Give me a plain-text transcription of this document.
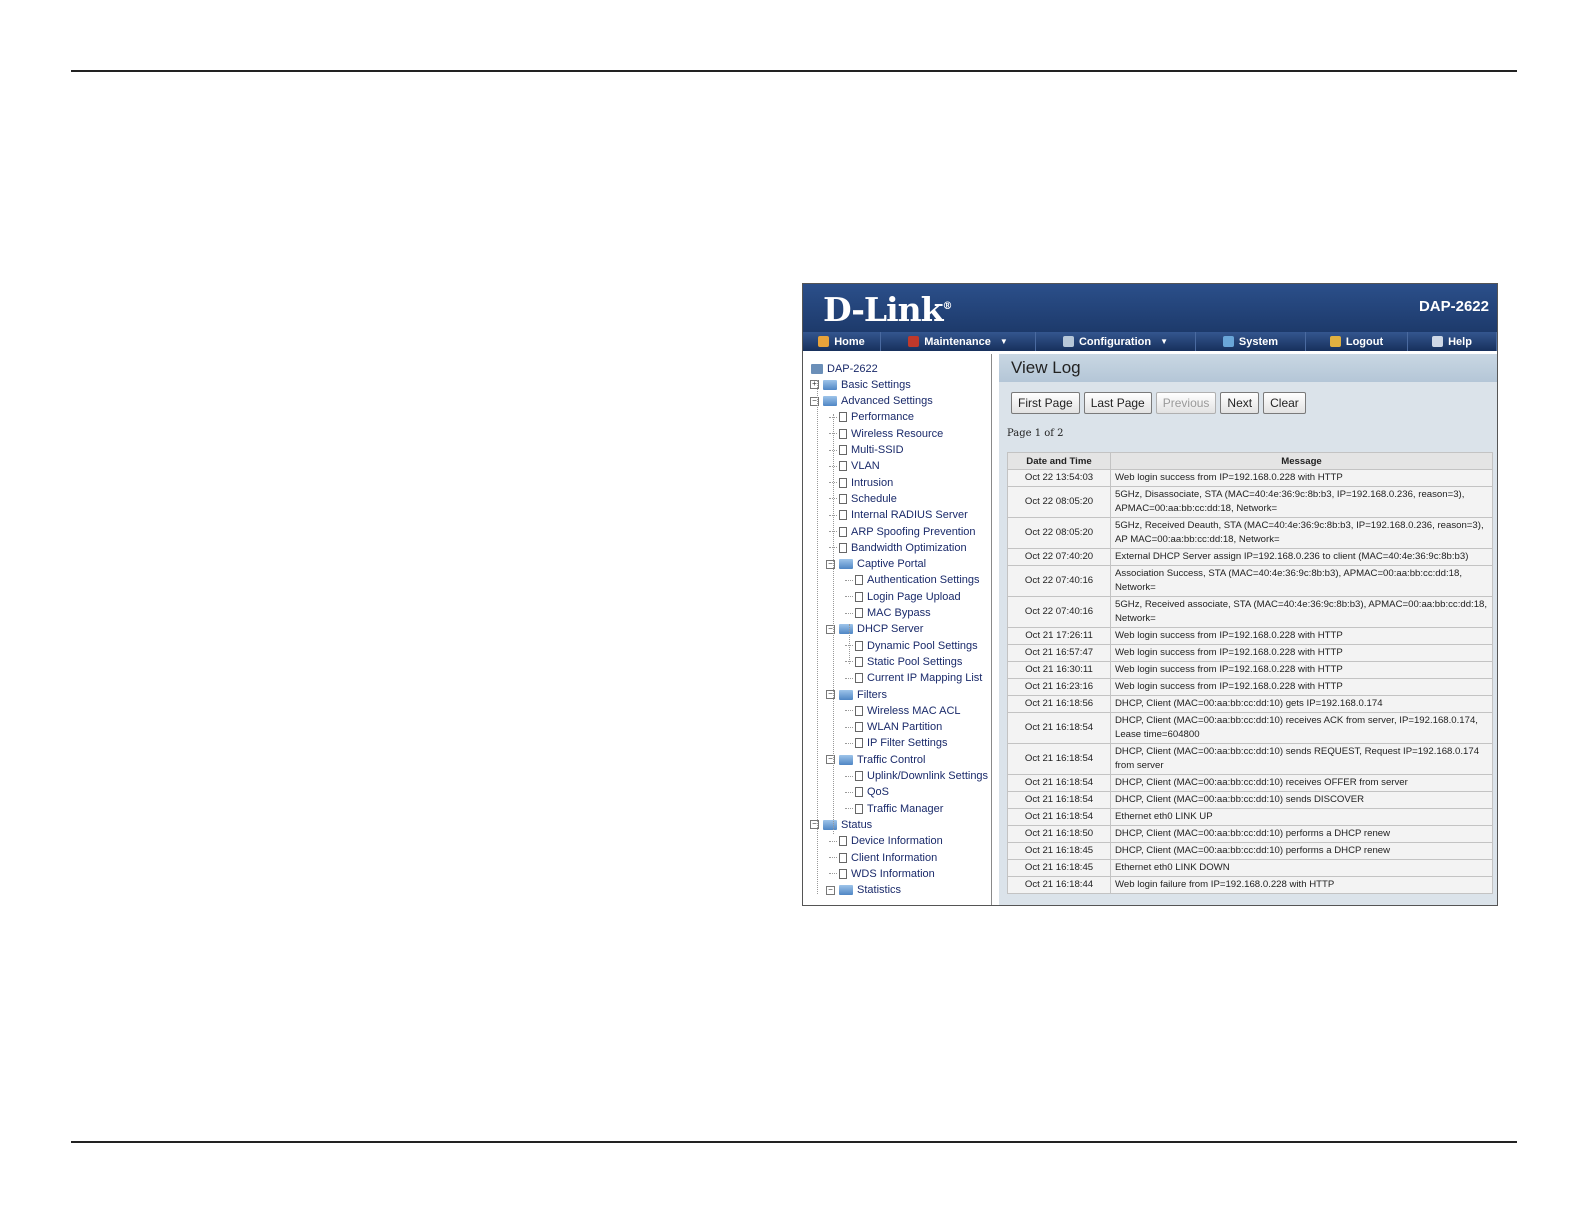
D-Link®	DAP-2622
Home	Maintenance ▼	Configuration ▼	System	Logout	Help
DAP-2622
+ Basic Settings
− Advanced Settings
Performance
Wireless Resource
Multi-SSID
VLAN
Intrusion
Schedule
Internal RADIUS Server
ARP Spoofing Prevention
Bandwidth Optimization
− Captive Portal
Authentication Settings
Login Page Upload
MAC Bypass
− DHCP Server
Dynamic Pool Settings
Static Pool Settings
Current IP Mapping List
− Filters
Wireless MAC ACL
WLAN Partition
IP Filter Settings
− Traffic Control
Uplink/Downlink Settings
QoS
Traffic Manager
− Status
Device Information
Client Information
WDS Information
− Statistics
View Log
First Page	Last Page	Previous	Next	Clear
Page 1 of 2
Date and Time	Message
Oct 22 13:54:03	Web login success from IP=192.168.0.228 with HTTP
Oct 22 08:05:20	5GHz, Disassociate, STA (MAC=40:4e:36:9c:8b:b3, IP=192.168.0.236, reason=3), APMAC=00:aa:bb:cc:dd:18, Network=
Oct 22 08:05:20	5GHz, Received Deauth, STA (MAC=40:4e:36:9c:8b:b3, IP=192.168.0.236, reason=3), AP MAC=00:aa:bb:cc:dd:18, Network=
Oct 22 07:40:20	External DHCP Server assign IP=192.168.0.236 to client (MAC=40:4e:36:9c:8b:b3)
Oct 22 07:40:16	Association Success, STA (MAC=40:4e:36:9c:8b:b3), APMAC=00:aa:bb:cc:dd:18, Network=
Oct 22 07:40:16	5GHz, Received associate, STA (MAC=40:4e:36:9c:8b:b3), APMAC=00:aa:bb:cc:dd:18, Network=
Oct 21 17:26:11	Web login success from IP=192.168.0.228 with HTTP
Oct 21 16:57:47	Web login success from IP=192.168.0.228 with HTTP
Oct 21 16:30:11	Web login success from IP=192.168.0.228 with HTTP
Oct 21 16:23:16	Web login success from IP=192.168.0.228 with HTTP
Oct 21 16:18:56	DHCP, Client (MAC=00:aa:bb:cc:dd:10) gets IP=192.168.0.174
Oct 21 16:18:54	DHCP, Client (MAC=00:aa:bb:cc:dd:10) receives ACK from server, IP=192.168.0.174, Lease time=604800
Oct 21 16:18:54	DHCP, Client (MAC=00:aa:bb:cc:dd:10) sends REQUEST, Request IP=192.168.0.174 from server
Oct 21 16:18:54	DHCP, Client (MAC=00:aa:bb:cc:dd:10) receives OFFER from server
Oct 21 16:18:54	DHCP, Client (MAC=00:aa:bb:cc:dd:10) sends DISCOVER
Oct 21 16:18:54	Ethernet eth0 LINK UP
Oct 21 16:18:50	DHCP, Client (MAC=00:aa:bb:cc:dd:10) performs a DHCP renew
Oct 21 16:18:45	DHCP, Client (MAC=00:aa:bb:cc:dd:10) performs a DHCP renew
Oct 21 16:18:45	Ethernet eth0 LINK DOWN
Oct 21 16:18:44	Web login failure from IP=192.168.0.228 with HTTP
